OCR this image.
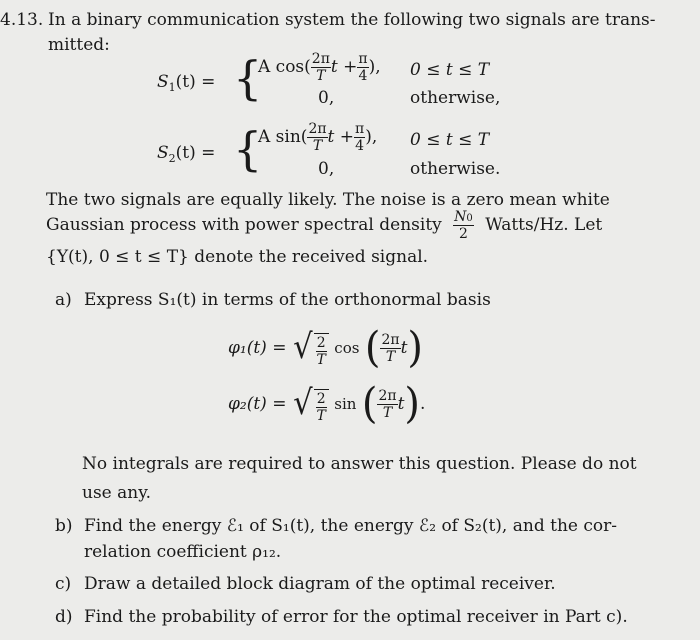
4.13. In a binary communication system the following two signals are trans-
mitted:
$S_1(t)$ = {
A $\cos( \frac{2\pi}{T}$ $t + \frac{\pi}{4}$ ), 0 ≤ t ≤ T
0,	otherwise,
$S_2(t)$ = {
A $\sin( \frac{2\pi}{T}$ $t + \frac{\pi}{4}$ ), 0 ≤ t ≤ T
0,	otherwise.
The two signals are equally likely. The noise is a zero mean white
Gaussian process with power spectral density $\frac{N0}{2}$ Watts/Hz. Let
{Y(t), 0 ≤ t ≤ T} denote the received signal.
a) Express S₁(t) in terms of the orthonormal basis
φ₁(t) = √ $\frac{2}{T}$ cos ( $\frac{2\pi}{T} t$)
φ₂(t) = √ $\frac{2}{T}$ sin ( $\frac{2\pi}{T} t$).
No integrals are required to answer this question. Please do not
use any.
b) Find the energy ℰ₁ of S₁(t), the energy ℰ₂ of S₂(t), and the cor-
relation coefficient ρ₁₂.
c) Draw a detailed block diagram of the optimal receiver.
d) Find the probability of error for the optimal receiver in Part c).
